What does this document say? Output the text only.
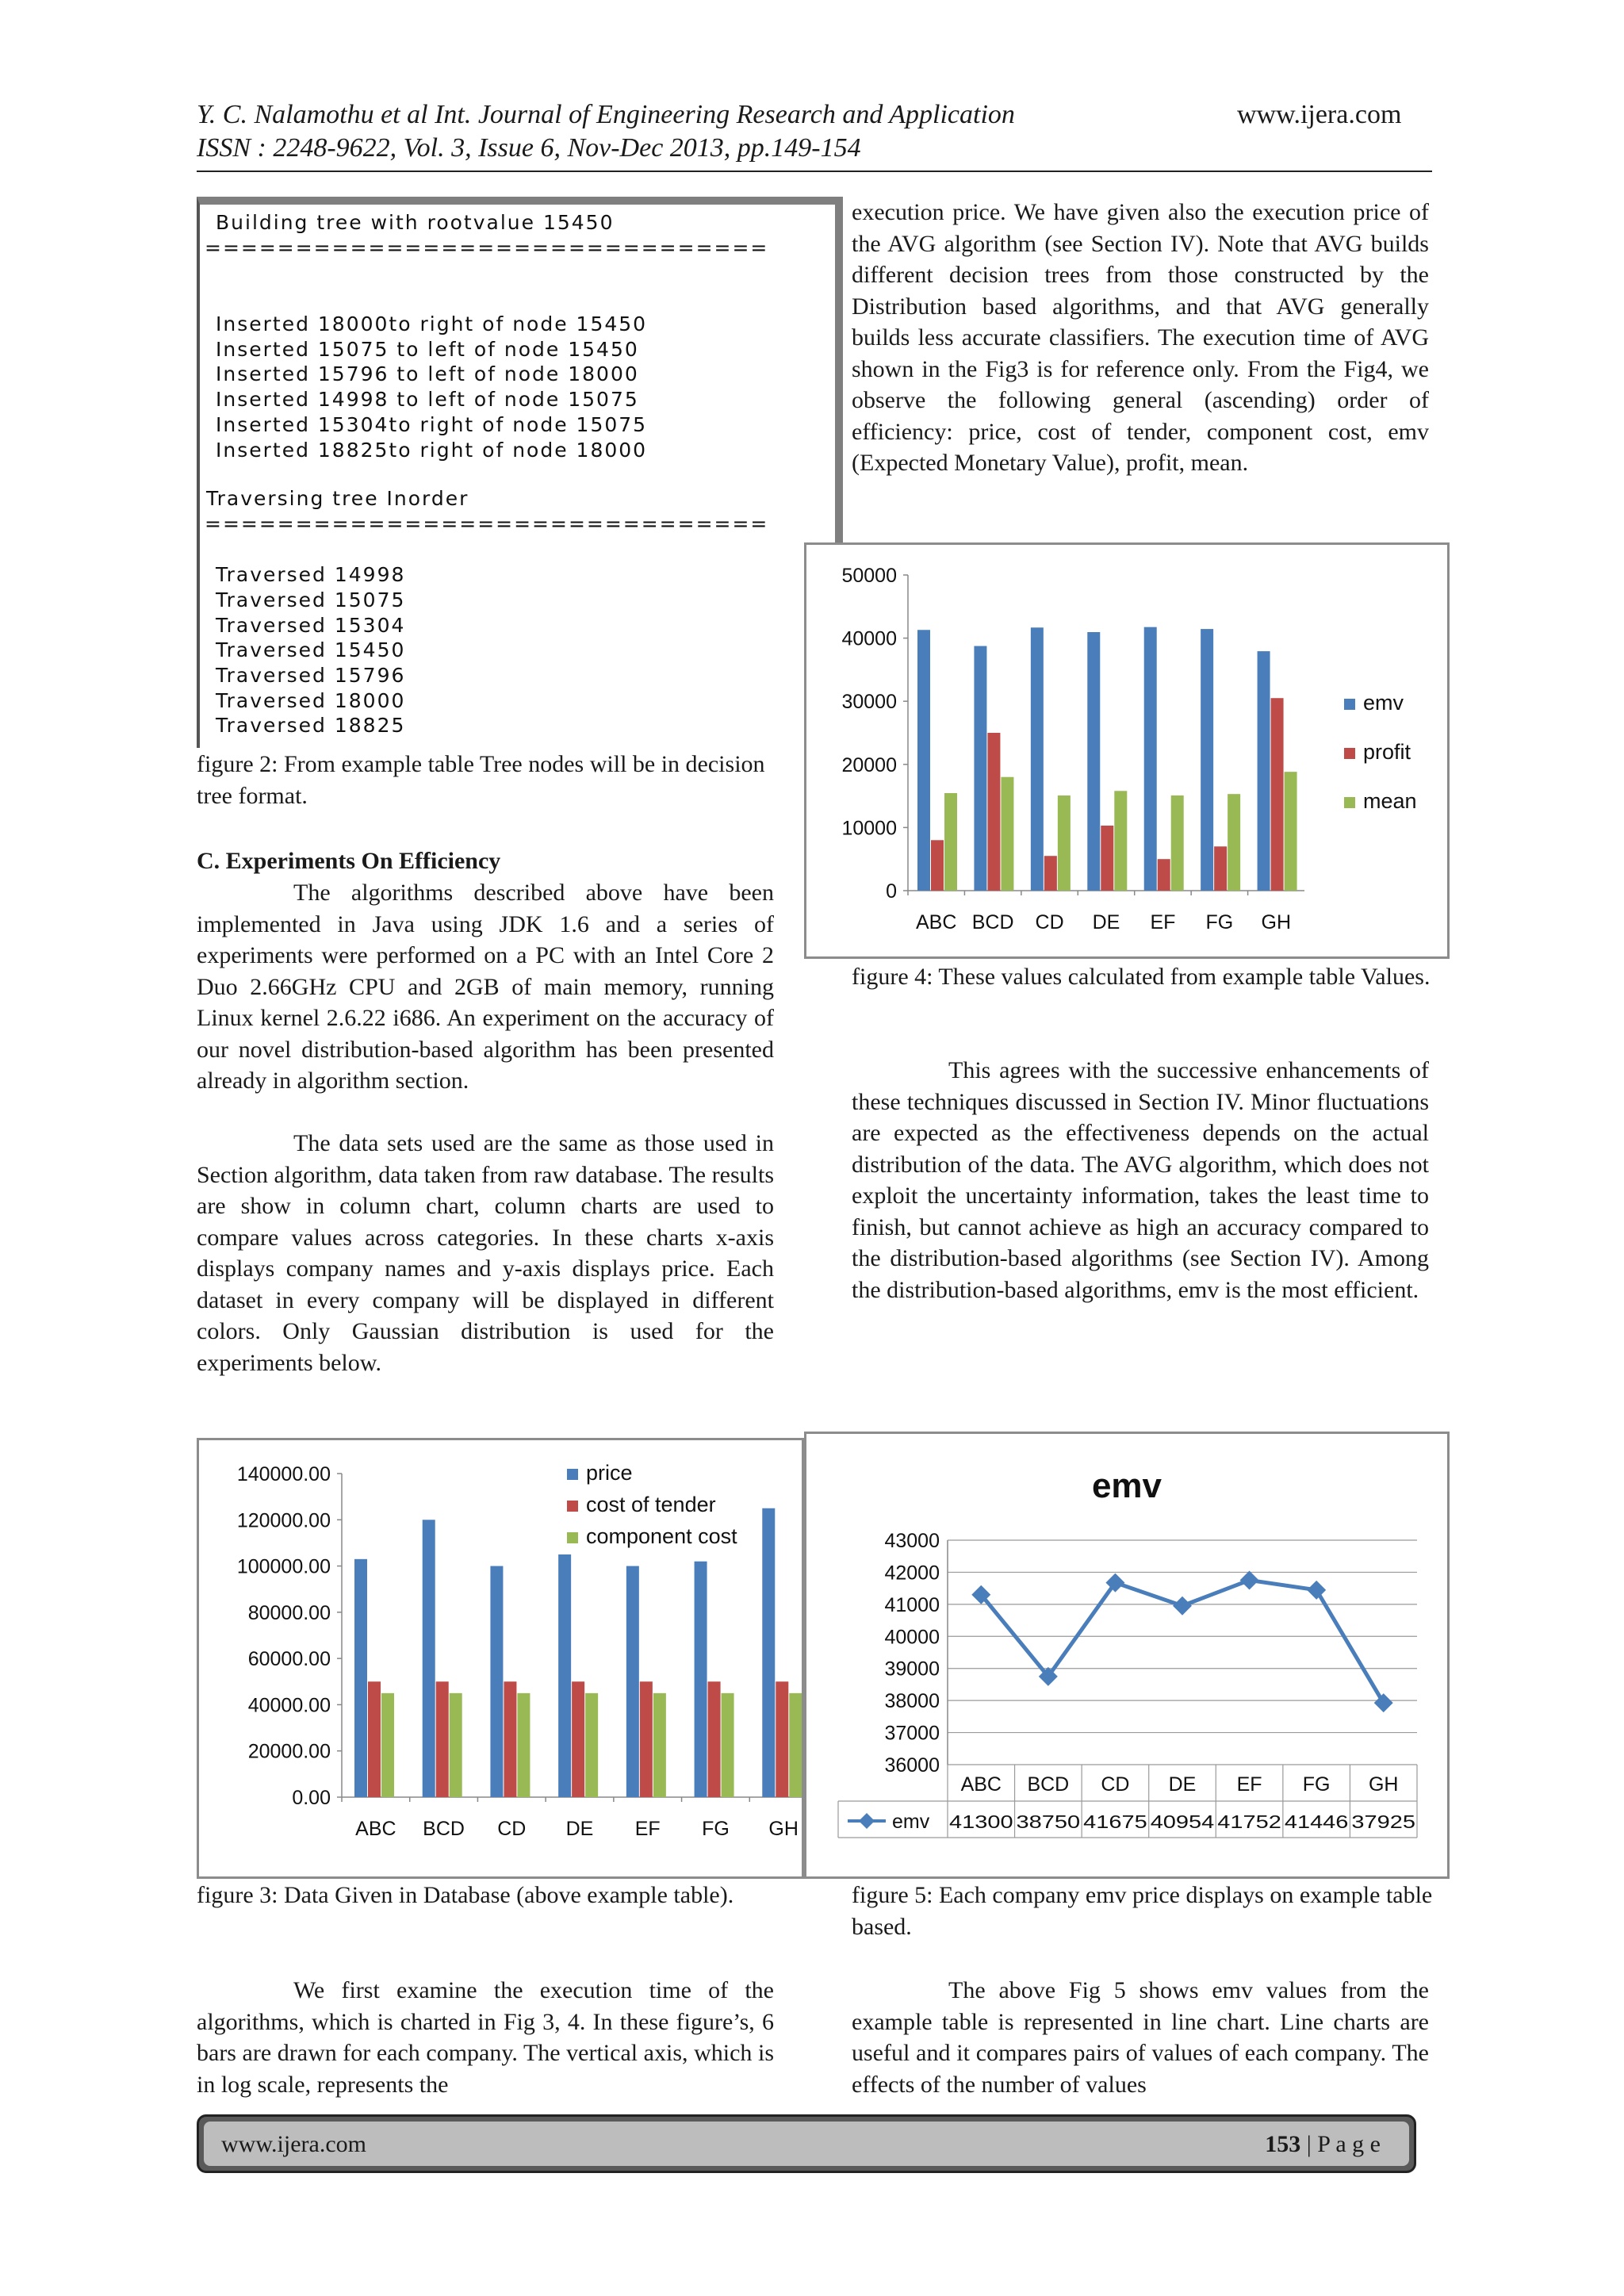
Y. C. Nalamothu et al Int. Journal of Engineering Research and Application
ISSN : 2248-9622, Vol. 3, Issue 6, Nov-Dec 2013, pp.149-154
www.ijera.com
Building tree with rootvalue 15450
===============================
Inserted 18000to right of node 15450
Inserted 15075 to left of node 15450
Inserted 15796 to left of node 18000
Inserted 14998 to left of node 15075
Inserted 15304to right of node 15075
Inserted 18825to right of node 18000
Traversing tree Inorder
===============================
Traversed 14998
Traversed 15075
Traversed 15304
Traversed 15450
Traversed 15796
Traversed 18000
Traversed 18825

figure 2: From example table Tree nodes will be in decision tree format.

C. Experiments On Efficiency

The algorithms described above have been implemented in Java using JDK 1.6 and a series of experiments were performed on a PC with an Intel Core 2 Duo 2.66GHz CPU and 2GB of main memory, running Linux kernel 2.6.22 i686. An experiment on the accuracy of our novel distribution-based algorithm has been presented already in algorithm section.

The data sets used are the same as those used in Section algorithm, data taken from raw database. The results are show in column chart, column charts are used to compare values across categories. In these charts x-axis displays company names and y-axis displays price. Each dataset in every company will be displayed in different colors. Only Gaussian distribution is used for the experiments below.

0.00
20000.00
40000.00
60000.00
80000.00
100000.00
120000.00
140000.00
ABC BCD CD DE EF FG GH
price
cost of tender
component cost

figure 3: Data Given in Database (above example table).

We first examine the execution time of the algorithms, which is charted in Fig 3, 4. In these figure’s, 6 bars are drawn for each company. The vertical axis, which is in log scale, represents the

execution price. We have given also the execution price of the AVG algorithm (see Section IV). Note that AVG builds different decision trees from those constructed by the Distribution based algorithms, and that AVG generally builds less accurate classifiers. The execution time of AVG shown in the Fig3 is for reference only. From the Fig4, we observe the following general (ascending) order of efficiency: price, cost of tender, component cost, emv (Expected Monetary Value), profit, mean.

0
10000
20000
30000
40000
50000
ABC BCD CD DE EF FG GH
emv
profit
mean

figure 4: These values calculated from example table Values.

This agrees with the successive enhancements of these techniques discussed in Section IV. Minor fluctuations are expected as the effectiveness depends on the actual distribution of the data. The AVG algorithm, which does not exploit the uncertainty information, takes the least time to finish, but cannot achieve as high an accuracy compared to the distribution-based algorithms (see Section IV). Among the distribution-based algorithms, emv is the most efficient.

emv
36000
37000
38000
39000
40000
41000
42000
43000
ABC
41300
BCD
38750
CD
41675
DE
40954
EF
41752
FG
41446
GH
37925
emv

figure 5: Each company emv price displays on example table based.

The above Fig 5 shows emv values from the example table is represented in line chart. Line charts are useful and it compares pairs of values of each company. The effects of the number of values

www.ijera.com	153 | P a g e
